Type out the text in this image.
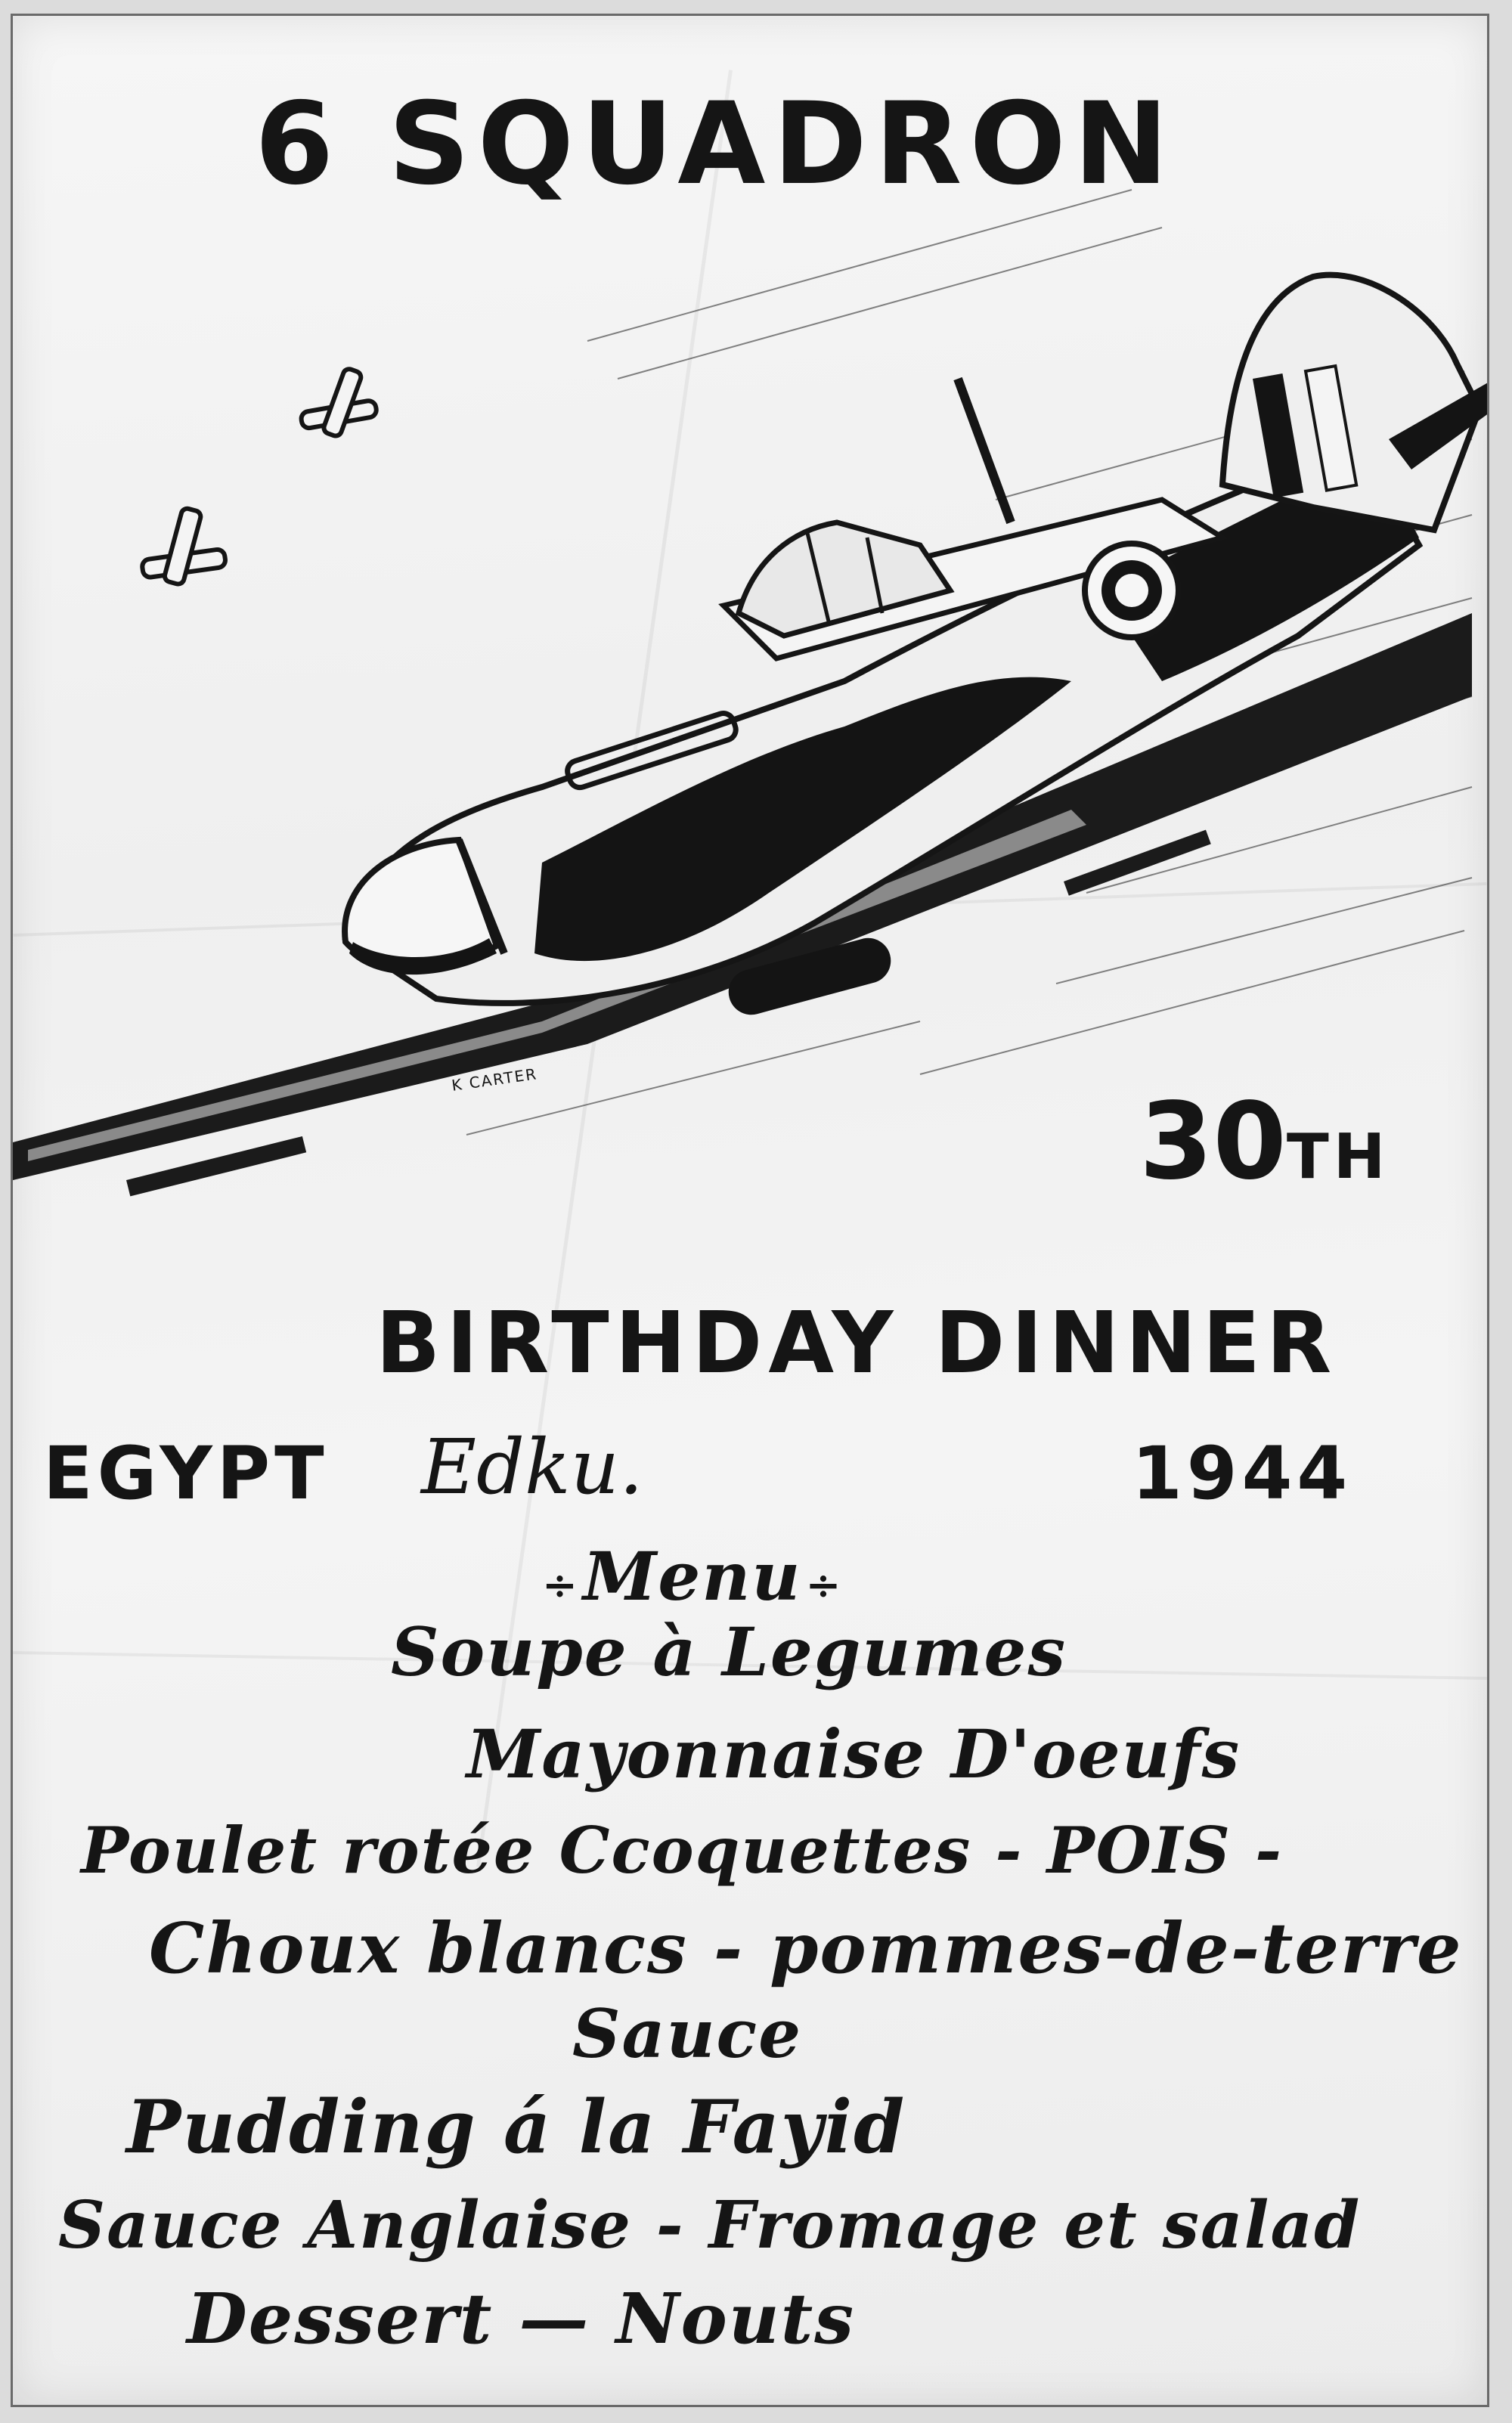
6 SQUADRON
K CARTER
30TH
BIRTHDAY DINNER
EGYPT Edku.	1944
÷ Menu ÷
Soupe à Legumes
Mayonnaise D'oeufs
Poulet rotée Ccoquettes - POIS -
Choux blancs - pommes-de-terre
Sauce
Pudding á la Fayid
Sauce Anglaise - Fromage et salad
Dessert — Nouts
